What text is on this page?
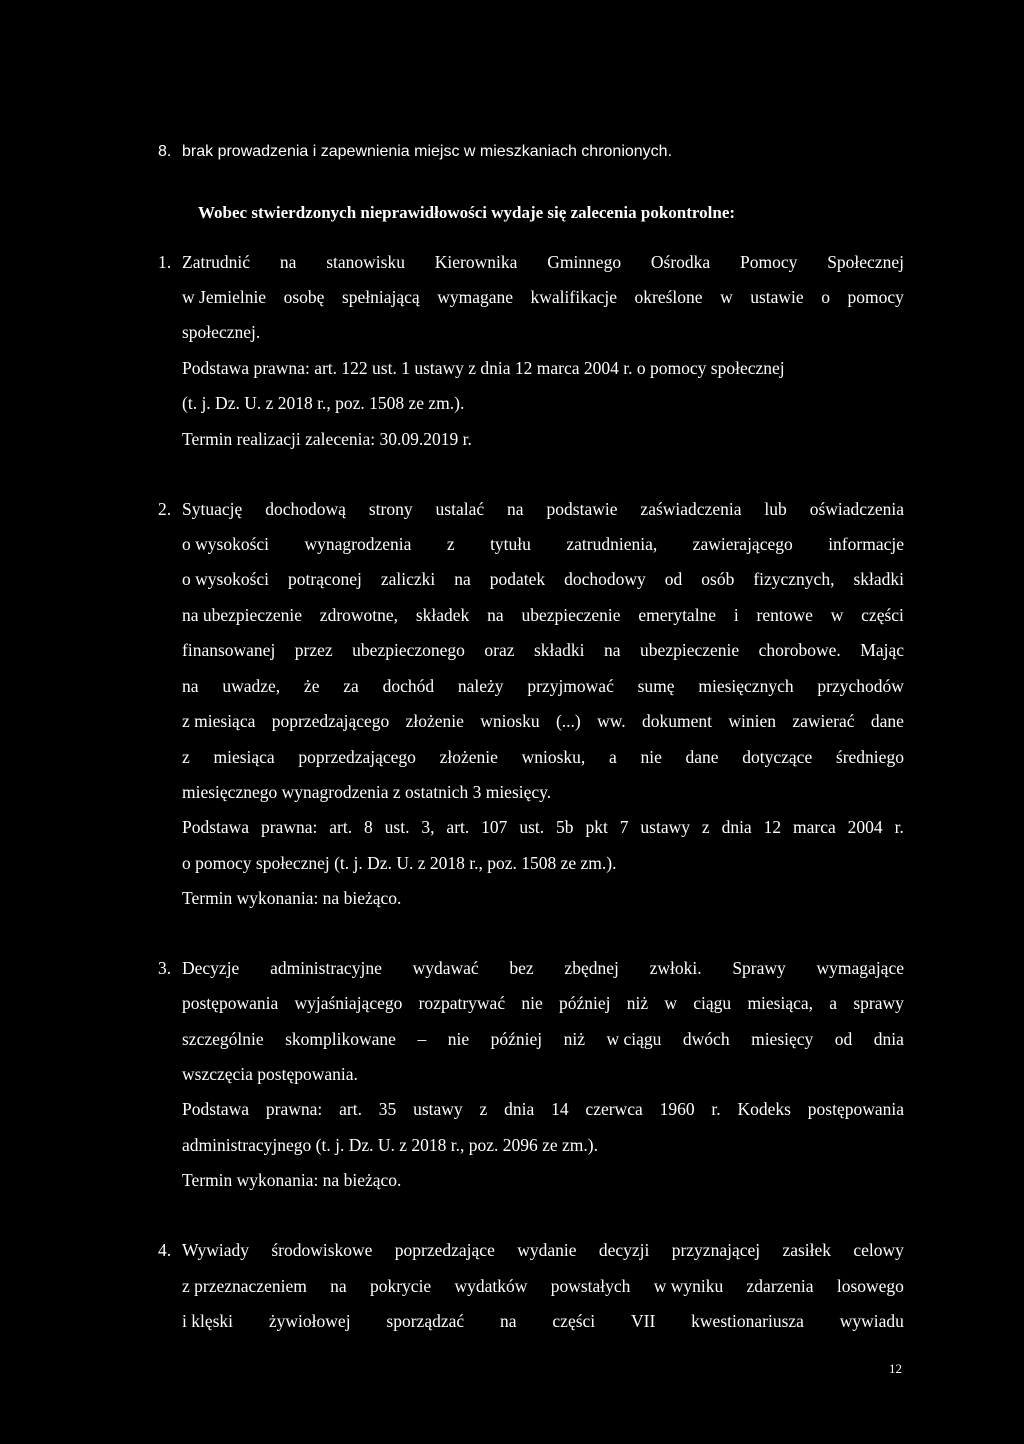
8. brak prowadzenia i zapewnienia miejsc w mieszkaniach chronionych.
Wobec stwierdzonych nieprawidłowości wydaje się zalecenia pokontrolne:
1. Zatrudnić na stanowisku Kierownika Gminnego Ośrodka Pomocy Społecznej
w Jemielnie osobę spełniającą wymagane kwalifikacje określone w ustawie o pomocy
społecznej.
Podstawa prawna: art. 122 ust. 1 ustawy z dnia 12 marca 2004 r. o pomocy społecznej
(t. j. Dz. U. z 2018 r., poz. 1508 ze zm.).
Termin realizacji zalecenia: 30.09.2019 r.
2. Sytuację dochodową strony ustalać na podstawie zaświadczenia lub oświadczenia
o wysokości wynagrodzenia z tytułu zatrudnienia, zawierającego informacje
o wysokości potrąconej zaliczki na podatek dochodowy od osób fizycznych, składki
na ubezpieczenie zdrowotne, składek na ubezpieczenie emerytalne i rentowe w części
finansowanej przez ubezpieczonego oraz składki na ubezpieczenie chorobowe. Mając
na uwadze, że za dochód należy przyjmować sumę miesięcznych przychodów
z miesiąca poprzedzającego złożenie wniosku (...) ww. dokument winien zawierać dane
z miesiąca poprzedzającego złożenie wniosku, a nie dane dotyczące średniego
miesięcznego wynagrodzenia z ostatnich 3 miesięcy.
Podstawa prawna: art. 8 ust. 3, art. 107 ust. 5b pkt 7 ustawy z dnia 12 marca 2004 r.
o pomocy społecznej (t. j. Dz. U. z 2018 r., poz. 1508 ze zm.).
Termin wykonania: na bieżąco.
3. Decyzje administracyjne wydawać bez zbędnej zwłoki. Sprawy wymagające
postępowania wyjaśniającego rozpatrywać nie później niż w ciągu miesiąca, a sprawy
szczególnie skomplikowane – nie później niż w ciągu dwóch miesięcy od dnia
wszczęcia postępowania.
Podstawa prawna: art. 35 ustawy z dnia 14 czerwca 1960 r. Kodeks postępowania
administracyjnego (t. j. Dz. U. z 2018 r., poz. 2096 ze zm.).
Termin wykonania: na bieżąco.
4. Wywiady środowiskowe poprzedzające wydanie decyzji przyznającej zasiłek celowy
z przeznaczeniem na pokrycie wydatków powstałych w wyniku zdarzenia losowego
i klęski żywiołowej sporządzać na części VII kwestionariusza wywiadu
12
